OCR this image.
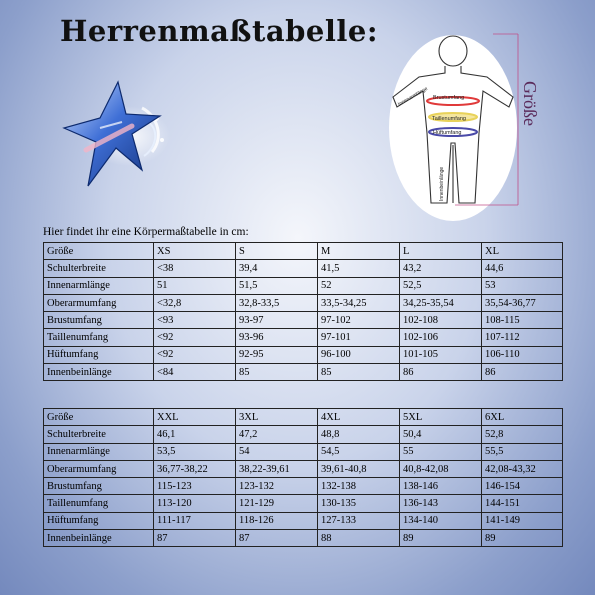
Herrenmaßtabelle:
Größe
Brustumfang
Taillenumfang
Hüftumfang
Innenarmlänge
Innenbeinlänge

Hier findet ihr eine Körpermaßtabelle in cm:

Größe	XS	S	M	L	XL
Schulterbreite	<38	39,4	41,5	43,2	44,6
Innenarmlänge	51	51,5	52	52,5	53
Oberarmumfang	<32,8	32,8-33,5	33,5-34,25	34,25-35,54	35,54-36,77
Brustumfang	<93	93-97	97-102	102-108	108-115
Taillenumfang	<92	93-96	97-101	102-106	107-112
Hüftumfang	<92	92-95	96-100	101-105	106-110
Innenbeinlänge	<84	85	85	86	86
Größe	XXL	3XL	4XL	5XL	6XL
Schulterbreite	46,1	47,2	48,8	50,4	52,8
Innenarmlänge	53,5	54	54,5	55	55,5
Oberarmumfang	36,77-38,22	38,22-39,61	39,61-40,8	40,8-42,08	42,08-43,32
Brustumfang	115-123	123-132	132-138	138-146	146-154
Taillenumfang	113-120	121-129	130-135	136-143	144-151
Hüftumfang	111-117	118-126	127-133	134-140	141-149
Innenbeinlänge	87	87	88	89	89
